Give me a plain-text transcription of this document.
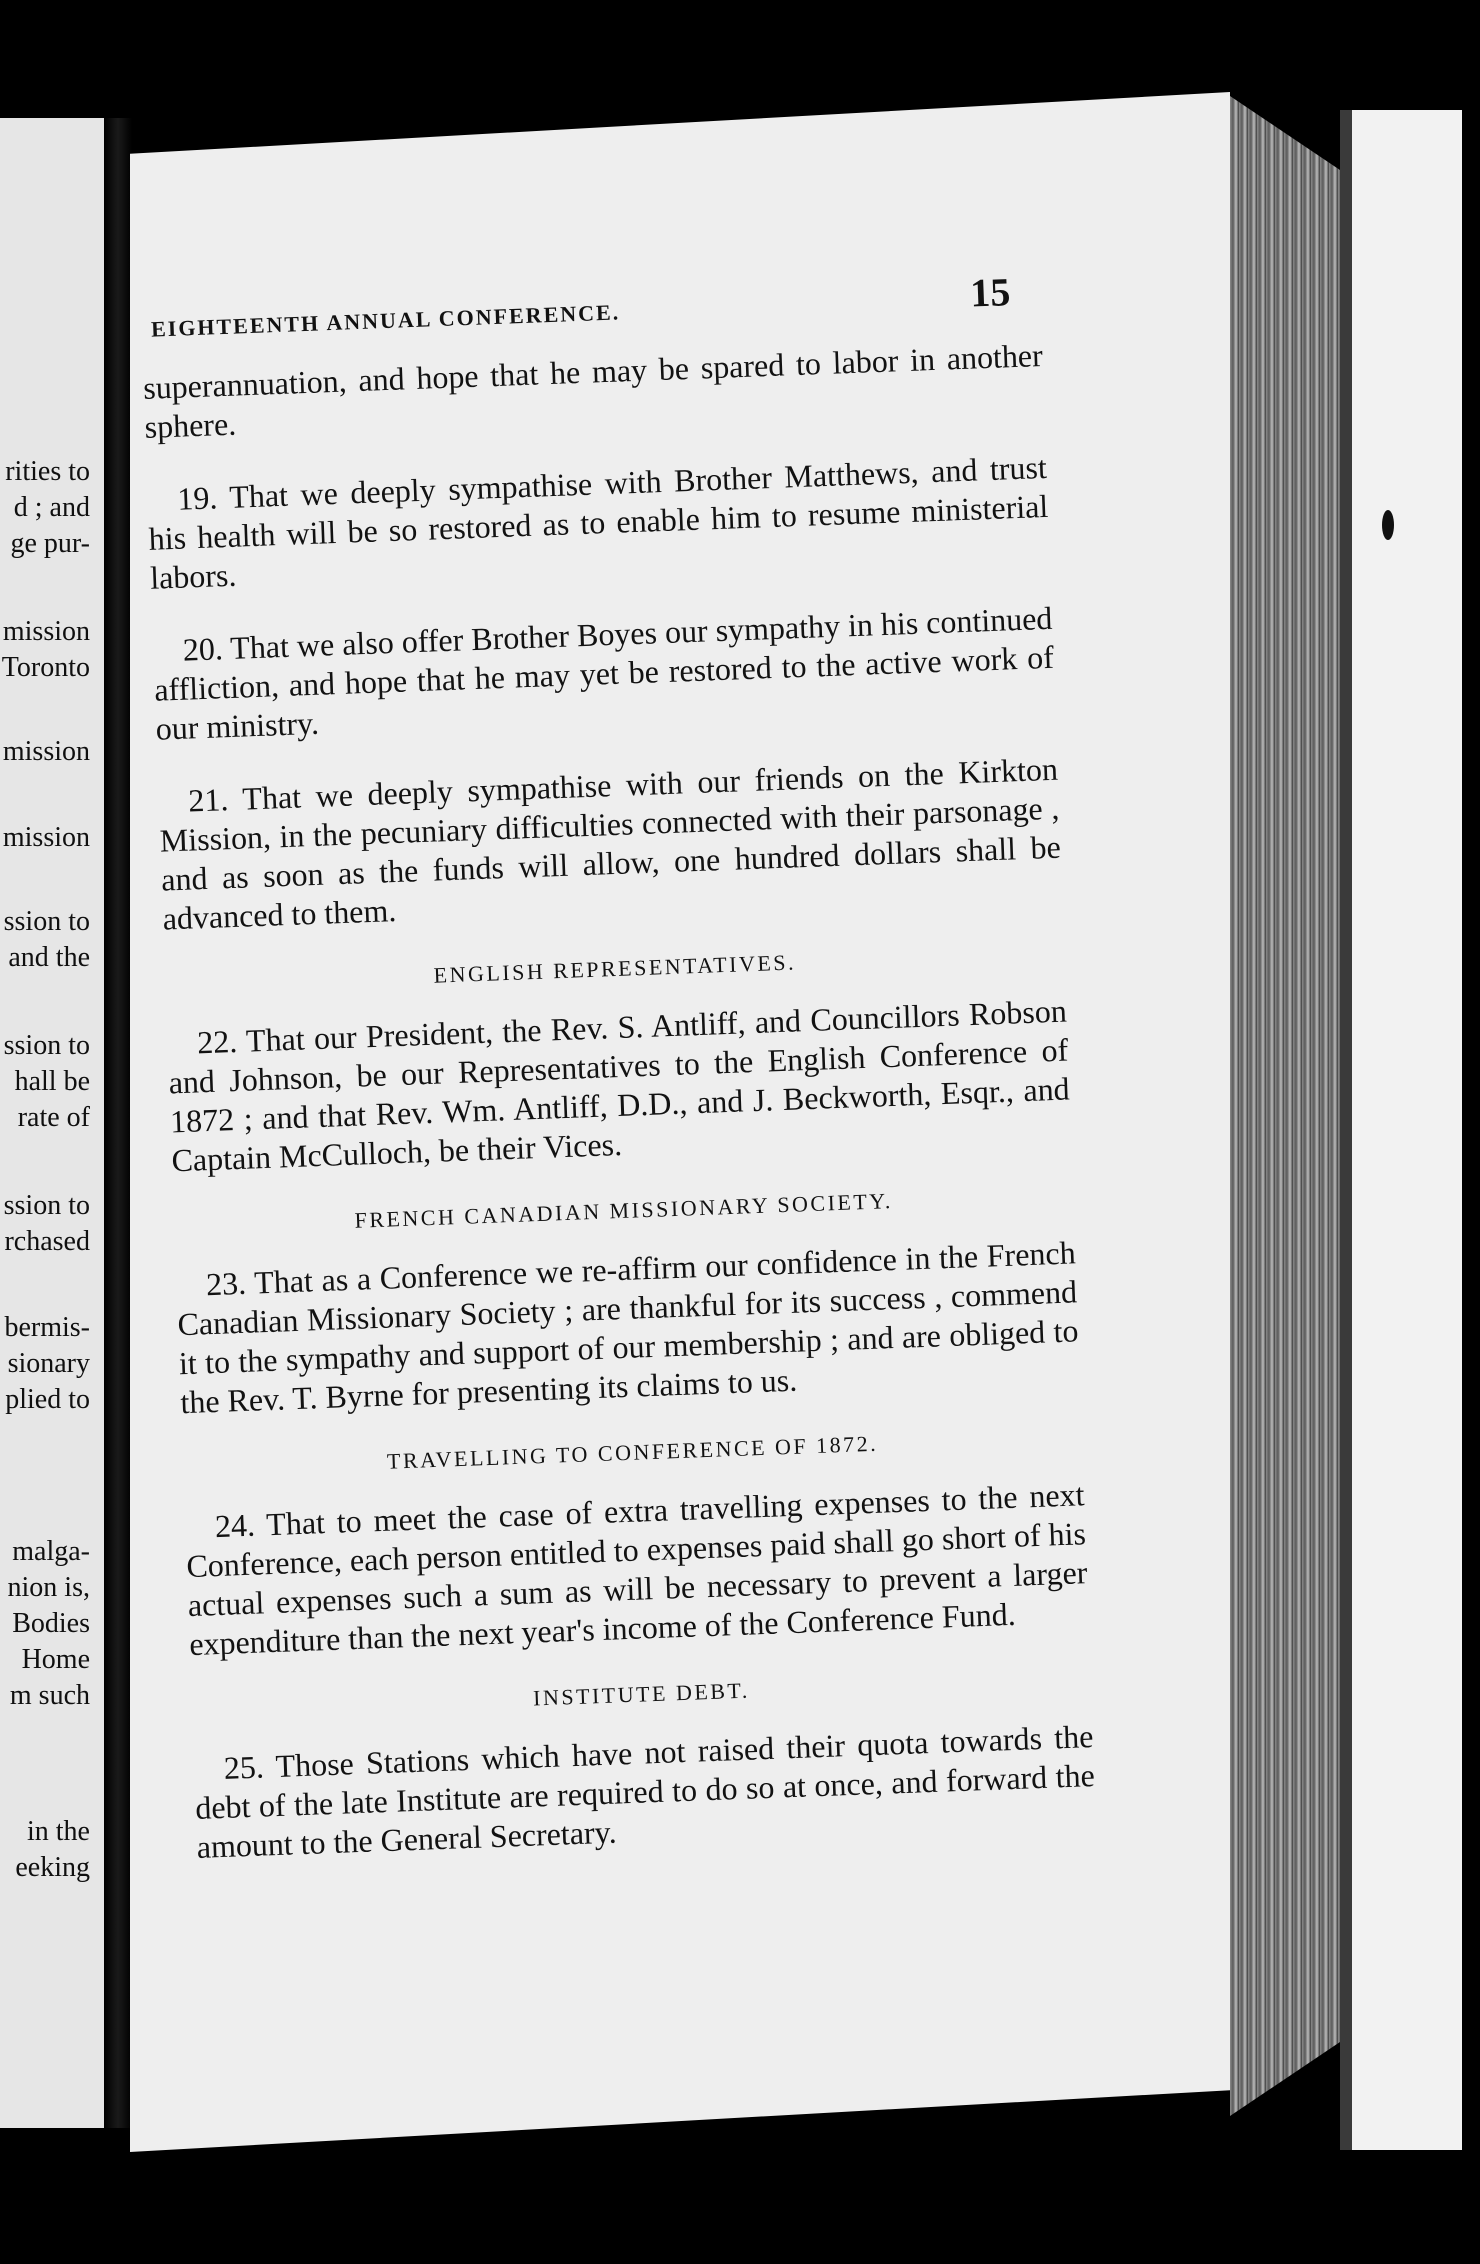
rities to
d ; and
ge pur-
mission
Toronto
mission
mission
ssion to
and the
ssion to
hall be
rate of
ssion to
rchased
bermis-
sionary
plied to
malga-
nion is,
Bodies
Home
m such
in the
eeking
EIGHTEENTH ANNUAL CONFERENCE.
15

superannuation, and hope that he may be spared to labor in another sphere.

19. That we deeply sympathise with Brother Matthews, and trust his health will be so restored as to enable him to resume ministerial labors.

20. That we also offer Brother Boyes our sympathy in his continued affliction, and hope that he may yet be restored to the active work of our ministry.

21. That we deeply sympathise with our friends on the Kirkton Mission, in the pecuniary difficulties connected with their parsonage , and as soon as the funds will allow, one hundred dollars shall be advanced to them.

ENGLISH REPRESENTATIVES.

22. That our President, the Rev. S. Antliff, and Councillors Robson and Johnson, be our Representatives to the English Conference of 1872 ; and that Rev. Wm. Antliff, D.D., and J. Beckworth, Esqr., and Captain McCulloch, be their Vices.

FRENCH CANADIAN MISSIONARY SOCIETY.

23. That as a Conference we re-affirm our confidence in the French Canadian Missionary Society ; are thankful for its success , commend it to the sympathy and support of our membership ; and are obliged to the Rev. T. Byrne for presenting its claims to us.

TRAVELLING TO CONFERENCE OF 1872.

24. That to meet the case of extra travelling expenses to the next Conference, each person entitled to expenses paid shall go short of his actual expenses such a sum as will be necessary to prevent a larger expenditure than the next year's income of the Conference Fund.

INSTITUTE DEBT.

25. Those Stations which have not raised their quota towards the debt of the late Institute are required to do so at once, and forward the amount to the General Secretary.
